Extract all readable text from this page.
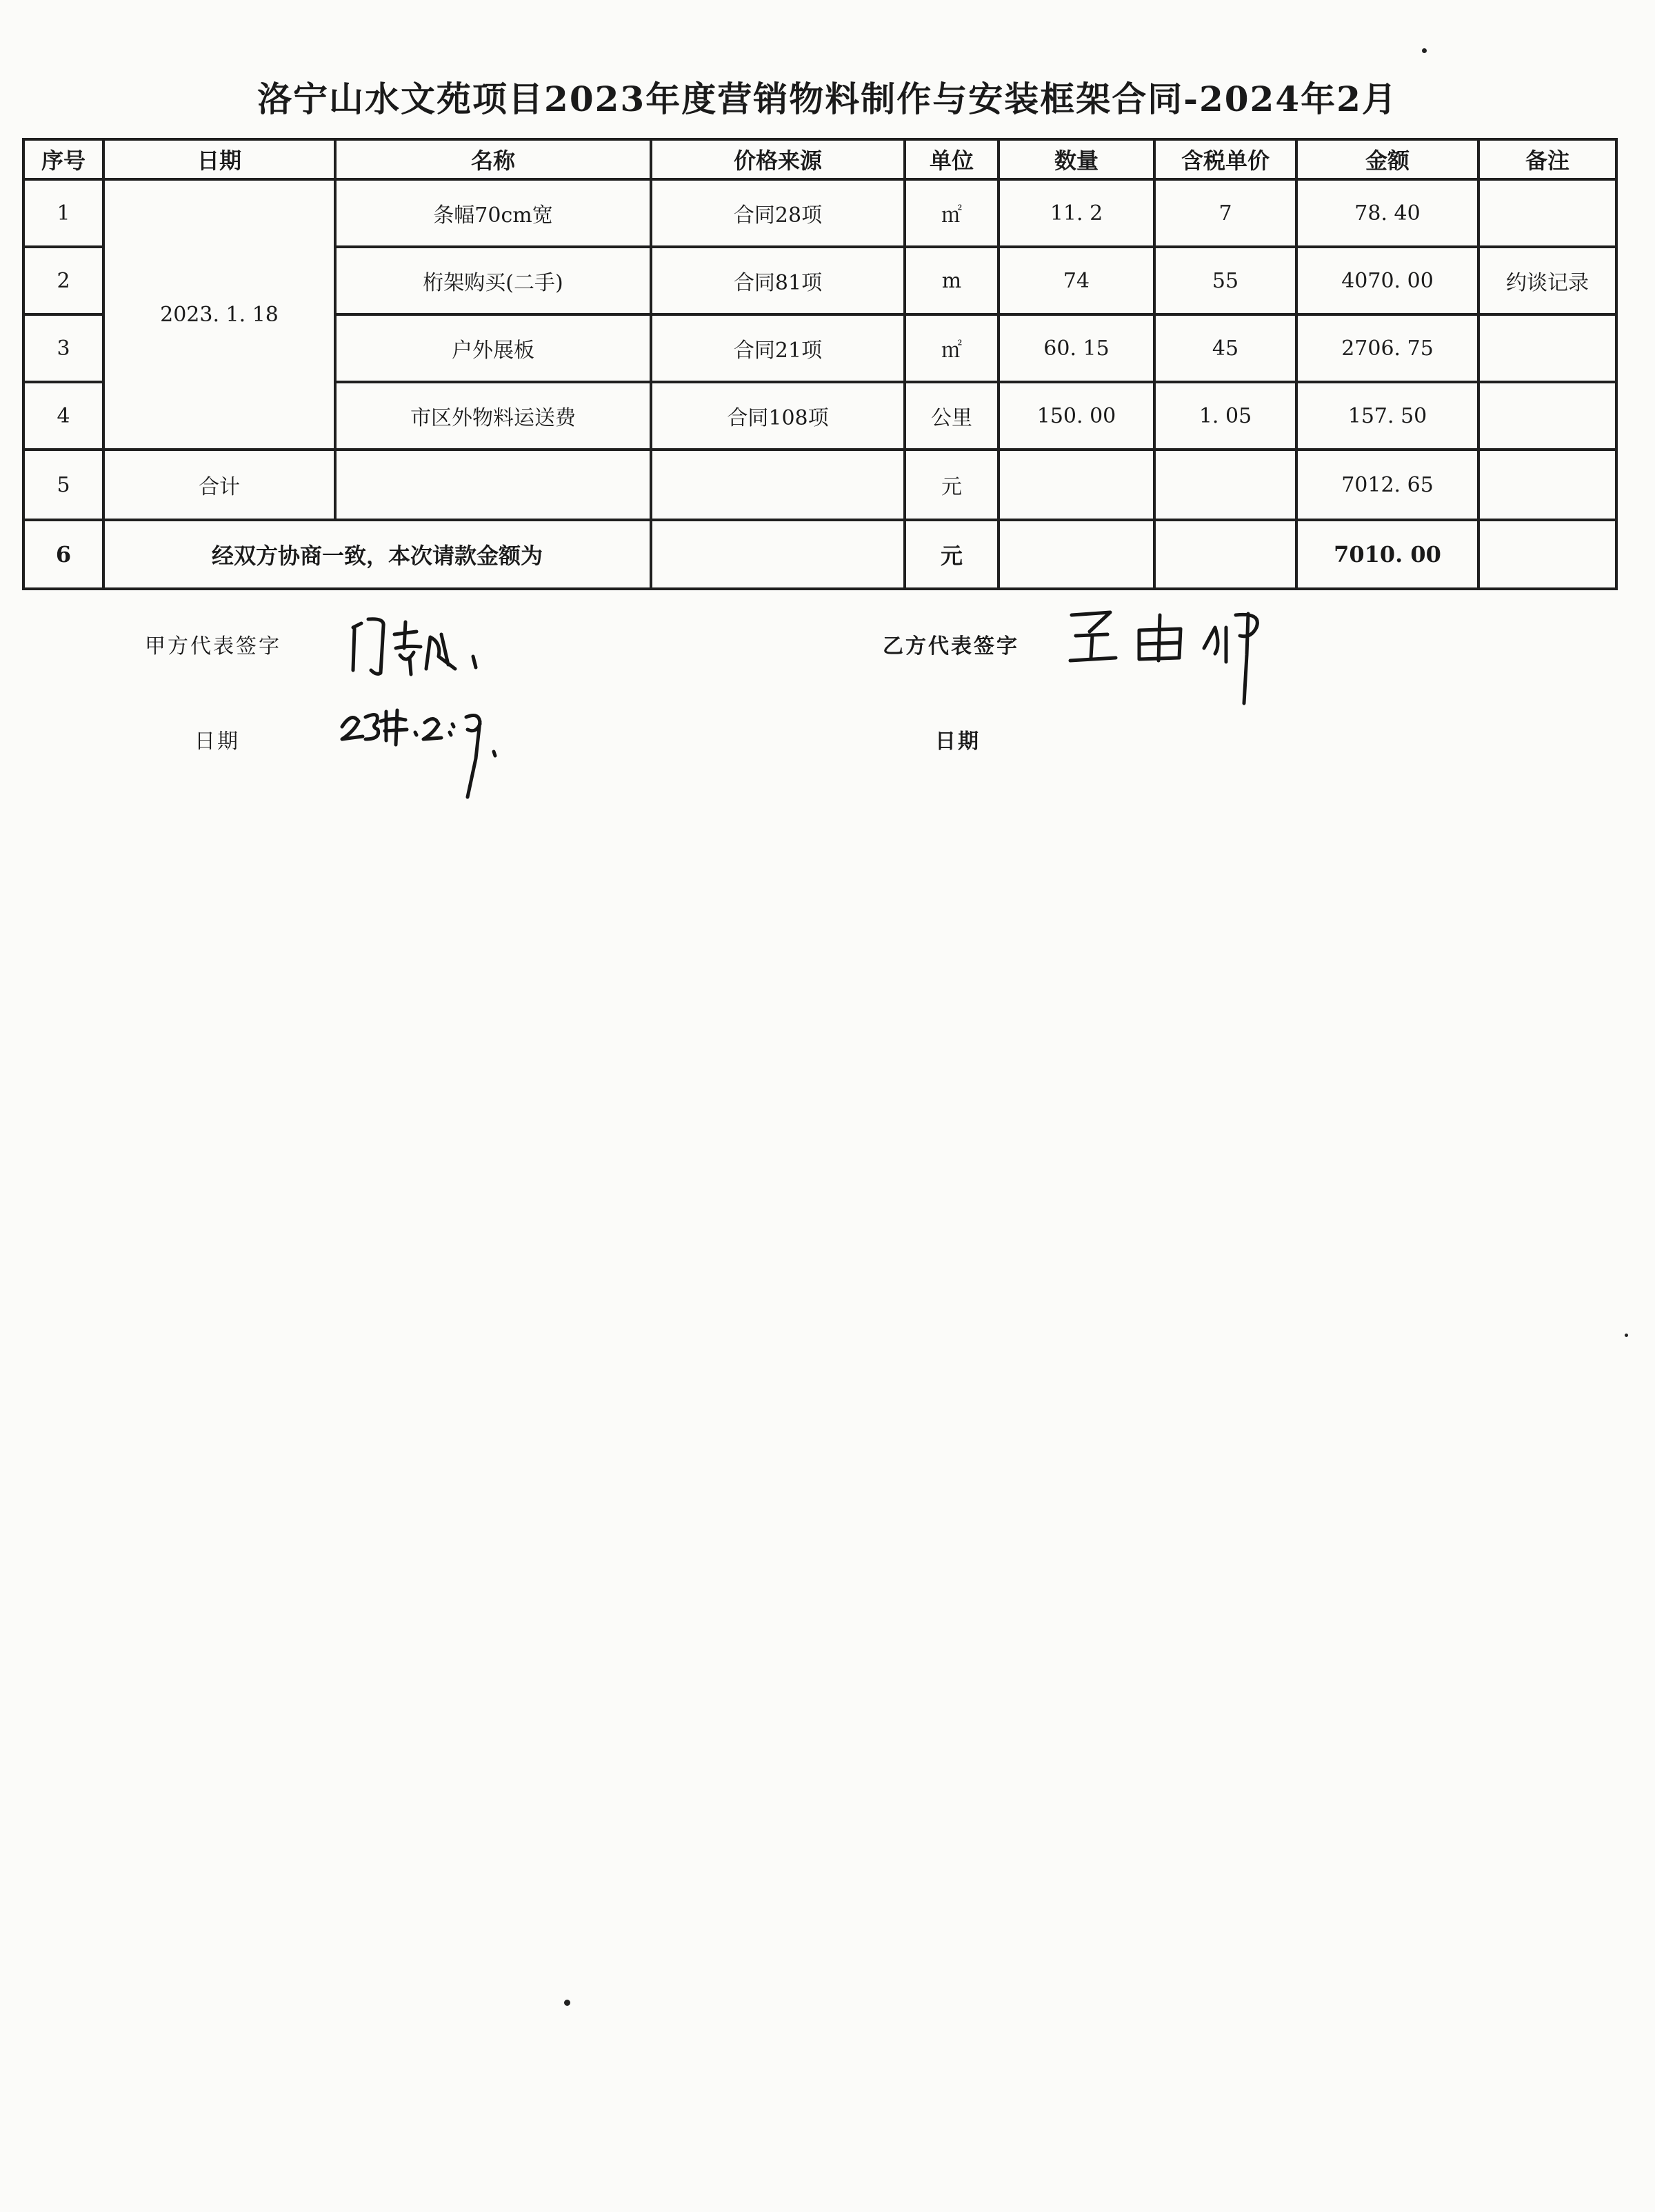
洛宁山水文苑项目2023年度营销物料制作与安装框架合同-2024年2月
序号	日期	名称	价格来源	单位	数量	含税单价	金额	备注
1	2023. 1. 18	条幅70cm宽	合同28项	㎡	11. 2	7	78. 40	
2		桁架购买(二手)	合同81项	m	74	55	4070. 00	约谈记录
3		户外展板	合同21项	㎡	60. 15	45	2706. 75	
4		市区外物料运送费	合同108项	公里	150. 00	1. 05	157. 50	
5	合计			元			7012. 65	
6	经双方协商一致，本次请款金额为			元			7010. 00	
甲方代表签字	乙方代表签字
日期	日期
